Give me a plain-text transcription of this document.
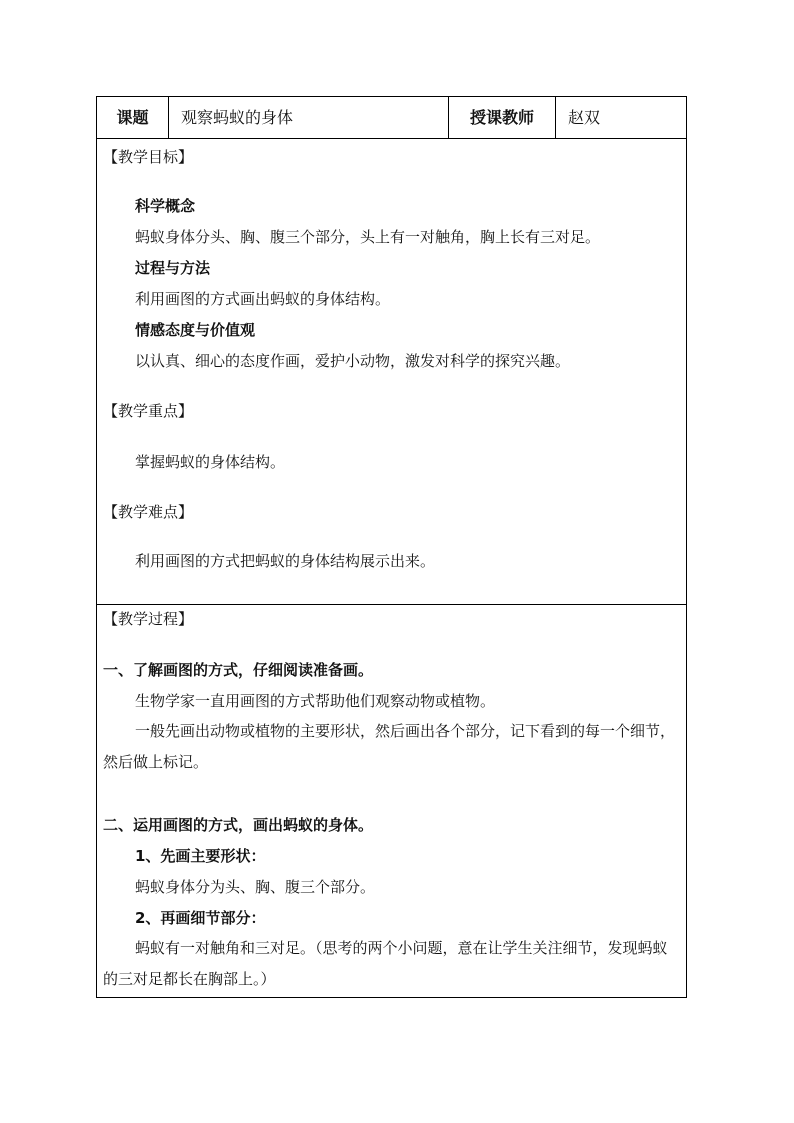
课题	观察蚂蚁的身体	授课教师	赵双

【教学目标】
科学概念
蚂蚁身体分头、胸、腹三个部分，头上有一对触角，胸上长有三对足。
过程与方法
利用画图的方式画出蚂蚁的身体结构。
情感态度与价值观
以认真、细心的态度作画，爱护小动物，激发对科学的探究兴趣。
【教学重点】
掌握蚂蚁的身体结构。
【教学难点】
利用画图的方式把蚂蚁的身体结构展示出来。

【教学过程】
一、了解画图的方式，仔细阅读准备画。
生物学家一直用画图的方式帮助他们观察动物或植物。
一般先画出动物或植物的主要形状，然后画出各个部分，记下看到的每一个细节，然后做上标记。
二、运用画图的方式，画出蚂蚁的身体。
1、先画主要形状：
蚂蚁身体分为头、胸、腹三个部分。
2、再画细节部分：
蚂蚁有一对触角和三对足。（思考的两个小问题，意在让学生关注细节，发现蚂蚁的三对足都长在胸部上。）
